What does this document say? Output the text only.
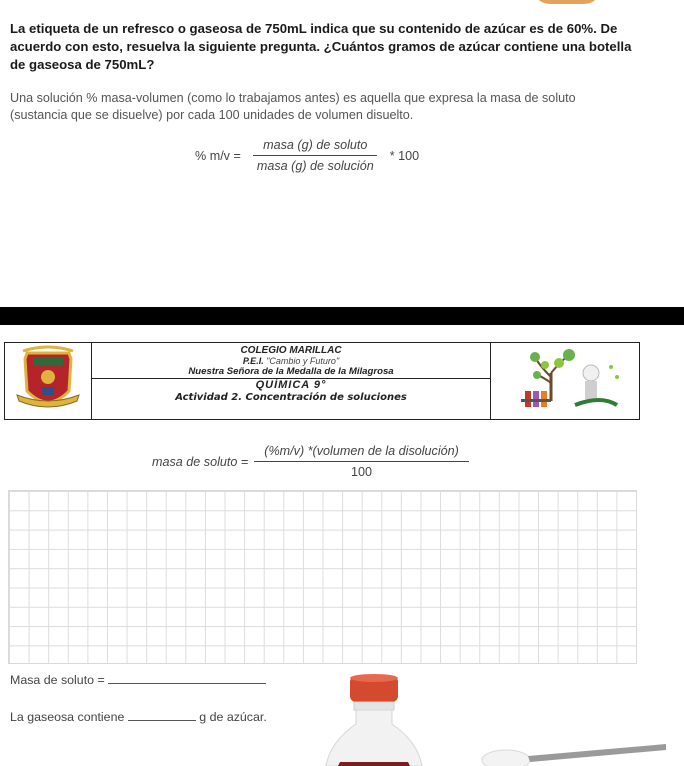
La etiqueta de un refresco o gaseosa de 750mL indica que su contenido de azúcar es de 60%. De
acuerdo con esto, resuelva la siguiente pregunta. ¿Cuántos gramos de azúcar contiene una botella
de gaseosa de 750mL?
Una solución % masa-volumen (como lo trabajamos antes) es aquella que expresa la masa de soluto
(sustancia que se disuelve) por cada 100 unidades de volumen disuelto.
% $m/v = \frac{\text{masa (g) de soluto}}{\text{masa (g) de solución}} * 100$
COLEGIO MARILLAC
P.E.I. "Cambio y Futuro"
Nuestra Señora de la Medalla de la Milagrosa
QUÍMICA 9°
Actividad 2. Concentración de soluciones
masa de soluto = $\frac{\text{(\%m/v) *(volumen de la disolución)}}{100}$
Masa de soluto =
La gaseosa contiene	g de azúcar.
